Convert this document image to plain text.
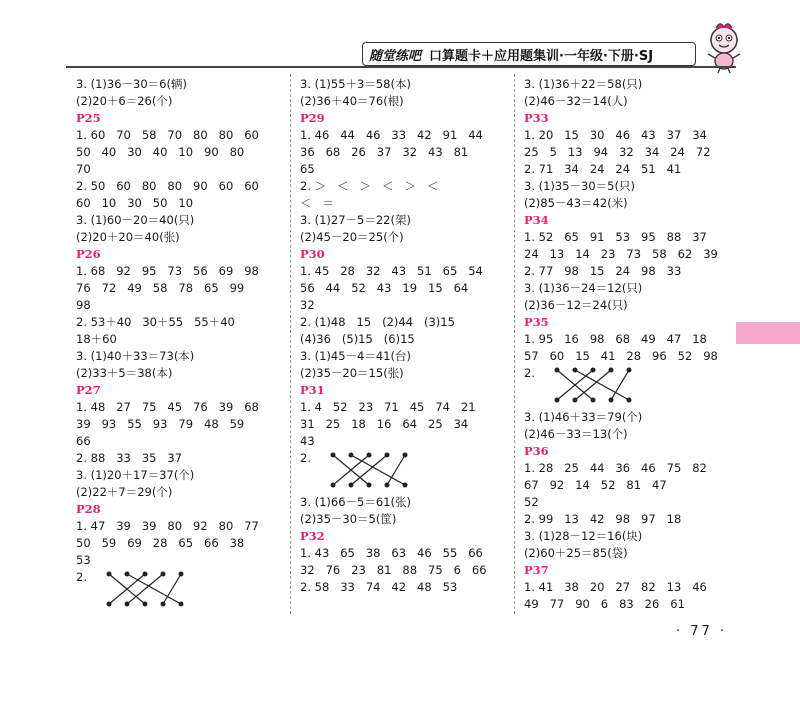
随堂练吧 口算题卡＋应用题集训·一年级·下册·SJ
3. (1)36－30＝6(辆)
(2)20＋6＝26(个)
P25
1. 60   70   58   70   80   80   60
50   40   30   40   10   90   80
70
2. 50   60   80   80   90   60   60
60   10   30   50   10
3. (1)60－20＝40(只)
(2)20＋20＝40(张)
P26
1. 68   92   95   73   56   69   98
76   72   49   58   78   65   99
98
2. 53＋40   30＋55   55＋40
18＋60
3. (1)40＋33＝73(本)
(2)33＋5＝38(本)
P27
1. 48   27   75   45   76   39   68
39   93   55   93   79   48   59
66
2. 88   33   35   37
3. (1)20＋17＝37(个)
(2)22＋7＝29(个)
P28
1. 47   39   39   80   92   80   77
50   59   69   28   65   66   38
53
2.
3. (1)55＋3＝58(本)
(2)36＋40＝76(根)
P29
1. 46   44   46   33   42   91   44
36   68   26   37   32   43   81
65
2. ＞   ＜   ＞   ＜   ＞   ＜
＜   ＝
3. (1)27－5＝22(架)
(2)45－20＝25(个)
P30
1. 45   28   32   43   51   65   54
56   44   52   43   19   15   64
32
2. (1)48   15   (2)44   (3)15
(4)36   (5)15   (6)15
3. (1)45－4＝41(台)
(2)35－20＝15(张)
P31
1. 4   52   23   71   45   74   21
31   25   18   16   64   25   34
43
2.
3. (1)66－5＝61(张)
(2)35－30＝5(筐)
P32
1. 43   65   38   63   46   55   66
32   76   23   81   88   75   6   66
2. 58   33   74   42   48   53
3. (1)36＋22＝58(只)
(2)46－32＝14(人)
P33
1. 20   15   30   46   43   37   34
25   5   13   94   32   34   24   72
2. 71   34   24   24   51   41
3. (1)35－30＝5(只)
(2)85－43＝42(米)
P34
1. 52   65   91   53   95   88   37
24   13   14   23   73   58   62   39
2. 77   98   15   24   98   33
3. (1)36－24＝12(只)
(2)36－12＝24(只)
P35
1. 95   16   98   68   49   47   18
57   60   15   41   28   96   52   98
2.
3. (1)46＋33＝79(个)
(2)46－33＝13(个)
P36
1. 28   25   44   36   46   75   82
67   92   14   52   81   47
52
2. 99   13   42   98   97   18
3. (1)28－12＝16(块)
(2)60＋25＝85(袋)
P37
1. 41   38   20   27   82   13   46
49   77   90   6   83   26   61
· 77 ·
